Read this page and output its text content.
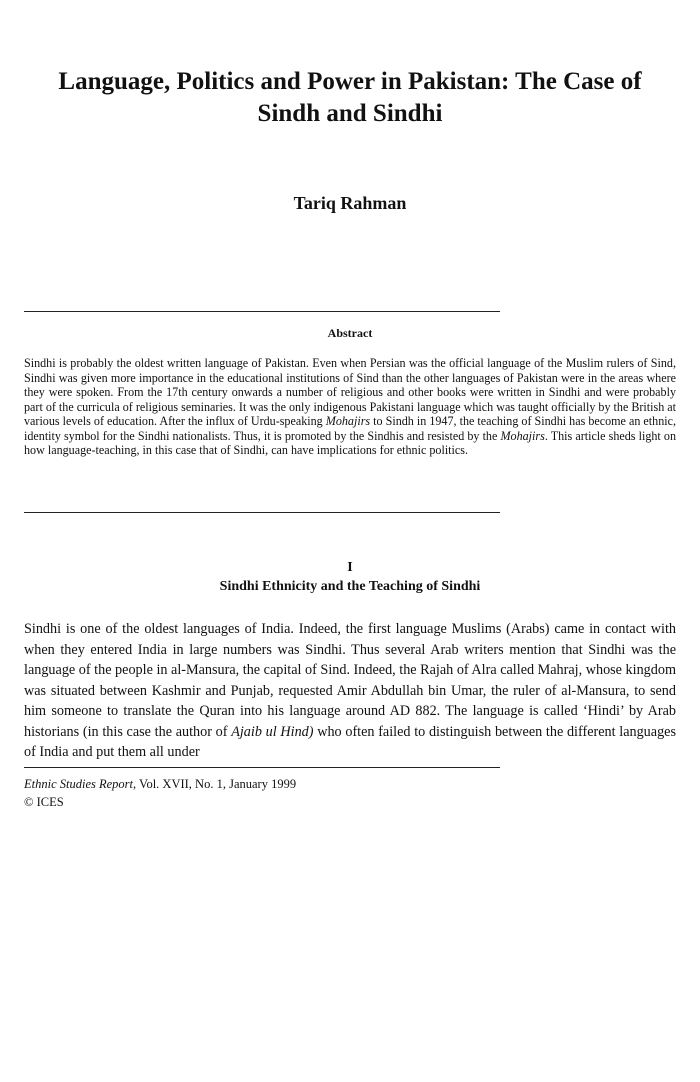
Language, Politics and Power in Pakistan: The Case of Sindh and Sindhi

Tariq Rahman

Abstract

Sindhi is probably the oldest written language of Pakistan. Even when Persian was the official language of the Muslim rulers of Sind, Sindhi was given more importance in the educational institutions of Sind than the other languages of Pakistan were in the areas where they were spoken. From the 17th century onwards a number of religious and other books were written in Sindhi and were probably part of the curricula of religious seminaries. It was the only indigenous Pakistani language which was taught officially by the British at various levels of education. After the influx of Urdu-speaking Mohajirs to Sindh in 1947, the teaching of Sindhi has become an ethnic, identity symbol for the Sindhi nationalists. Thus, it is promoted by the Sindhis and resisted by the Mohajirs. This article sheds light on how language-teaching, in this case that of Sindhi, can have implications for ethnic politics.

I

Sindhi Ethnicity and the Teaching of Sindhi

Sindhi is one of the oldest languages of India. Indeed, the first language Muslims (Arabs) came in contact with when they entered India in large numbers was Sindhi. Thus several Arab writers mention that Sindhi was the language of the people in al-Mansura, the capital of Sind. Indeed, the Rajah of Alra called Mahraj, whose kingdom was situated between Kashmir and Punjab, requested Amir Abdullah bin Umar, the ruler of al-Mansura, to send him someone to translate the Quran into his language around AD 882. The language is called ‘Hindi’ by Arab historians (in this case the author of Ajaib ul Hind) who often failed to distinguish between the different languages of India and put them all under

Ethnic Studies Report, Vol. XVII, No. 1, January 1999
© ICES
